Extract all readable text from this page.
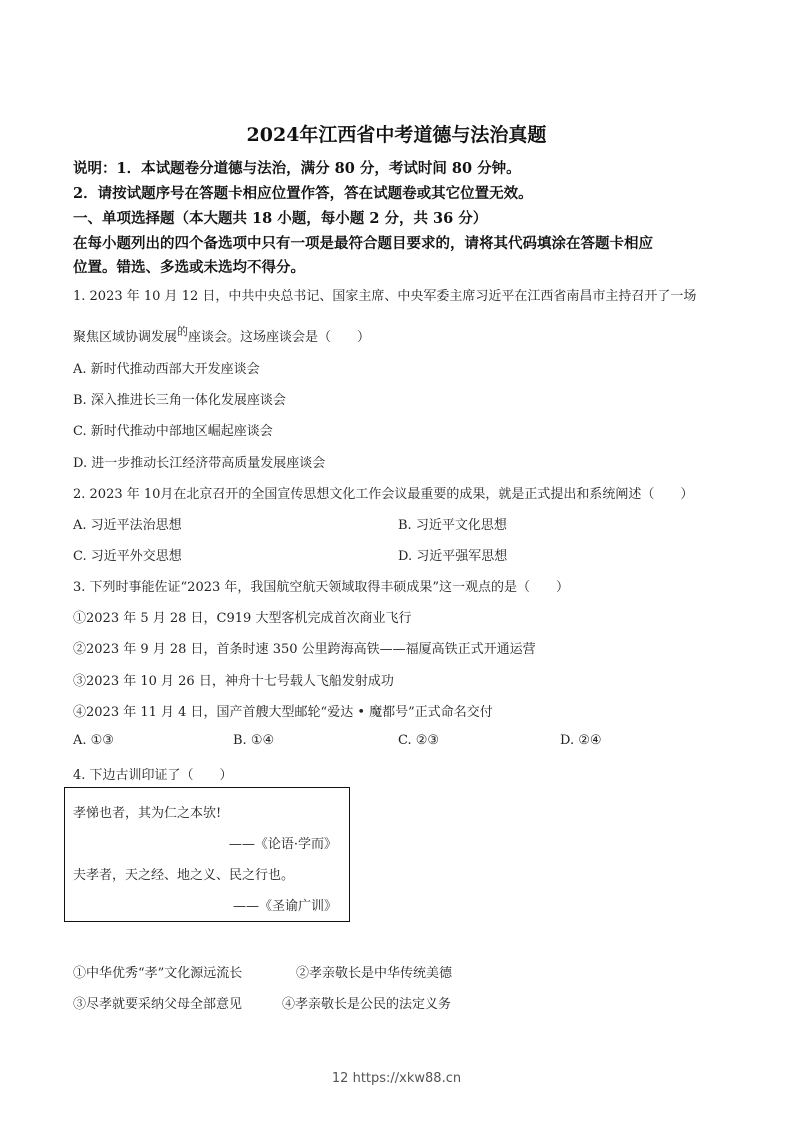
2024年江西省中考道德与法治真题
说明：1．本试题卷分道德与法治，满分 80 分，考试时间 80 分钟。
2．请按试题序号在答题卡相应位置作答，答在试题卷或其它位置无效。
一、单项选择题（本大题共 18 小题，每小题 2 分，共 36 分）
在每小题列出的四个备选项中只有一项是最符合题目要求的，请将其代码填涂在答题卡相应
位置。错选、多选或未选均不得分。
1. 2023 年 10 月 12 日，中共中央总书记、国家主席、中央军委主席习近平在江西省南昌市主持召开了一场
聚焦区域协调发展$^的$座谈会。这场座谈会是（　　）
A. 新时代推动西部大开发座谈会
B. 深入推进长三角一体化发展座谈会
C. 新时代推动中部地区崛起座谈会
D. 进一步推动长江经济带高质量发展座谈会
2. 2023 年 10月在北京召开的全国宣传思想文化工作会议最重要的成果，就是正式提出和系统阐述（　　）
A. 习近平法治思想	B. 习近平文化思想
C. 习近平外交思想	D. 习近平强军思想
3. 下列时事能佐证“2023 年，我国航空航天领域取得丰硕成果”这一观点的是（　　）
①2023 年 5 月 28 日，C919 大型客机完成首次商业飞行
②2023 年 9 月 28 日，首条时速 350 公里跨海高铁——福厦高铁正式开通运营
③2023 年 10 月 26 日，神舟十七号载人飞船发射成功
④2023 年 11 月 4 日，国产首艘大型邮轮“爱达 • 魔都号”正式命名交付
A. ①③	B. ①④	C. ②③	D. ②④
4. 下边古训印证了（　　）
孝悌也者，其为仁之本欤!
——《论语·学而》
夫孝者，天之经、地之义、民之行也。
——《圣谕广训》
①中华优秀“孝”文化源远流长	②孝亲敬长是中华传统美德
③尽孝就要采纳父母全部意见	④孝亲敬长是公民的法定义务
12 https://xkw88.cn
